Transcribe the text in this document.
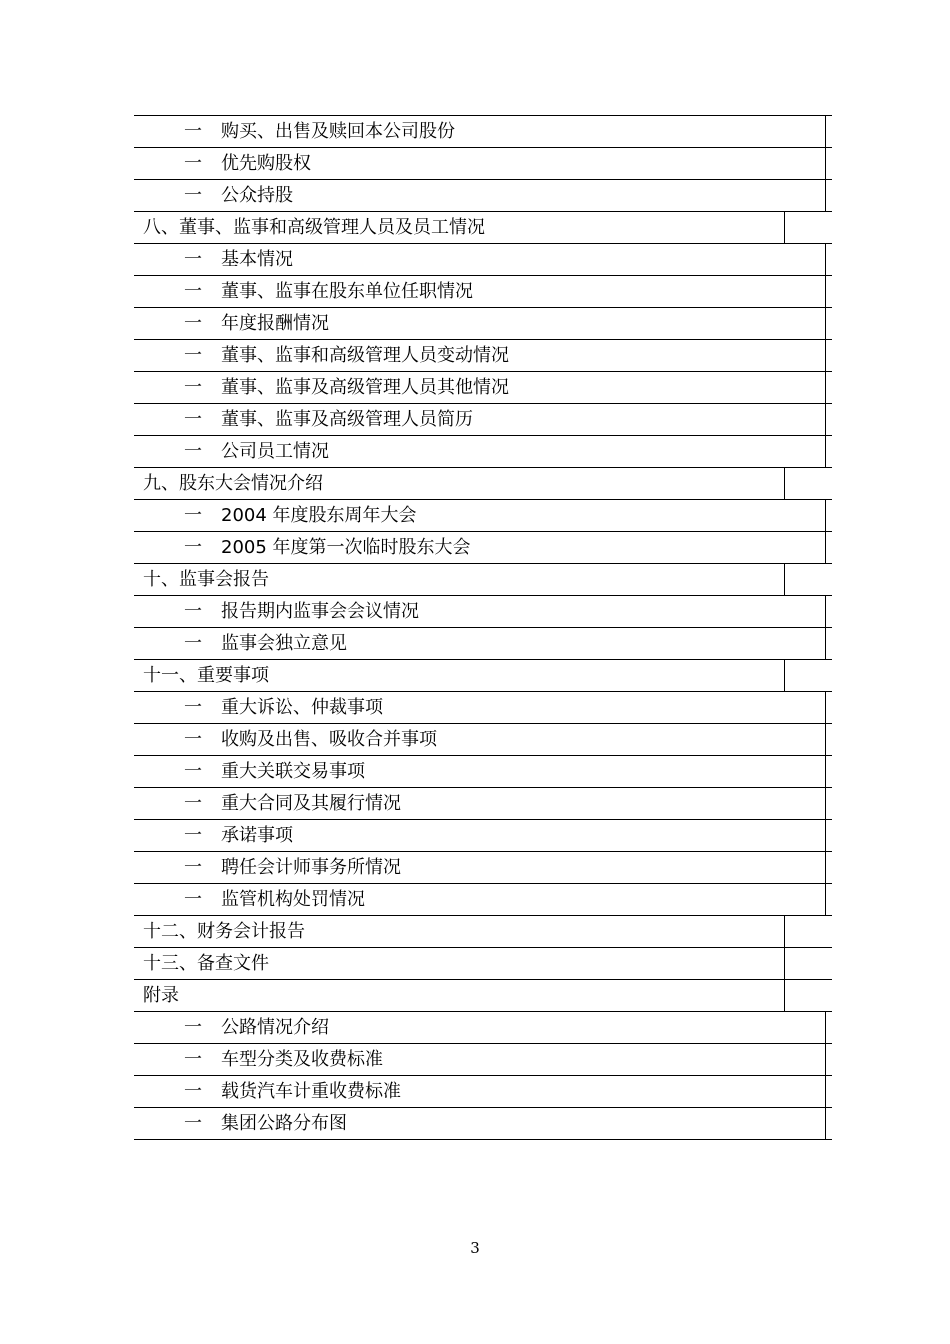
一	购买、出售及赎回本公司股份
一	优先购股权
一	公众持股
八、董事、监事和高级管理人员及员工情况
一	基本情况
一	董事、监事在股东单位任职情况
一	年度报酬情况
一	董事、监事和高级管理人员变动情况
一	董事、监事及高级管理人员其他情况
一	董事、监事及高级管理人员简历
一	公司员工情况
九、股东大会情况介绍
一	2004 年度股东周年大会
一	2005 年度第一次临时股东大会
十、监事会报告
一	报告期内监事会会议情况
一	监事会独立意见
十一、重要事项
一	重大诉讼、仲裁事项
一	收购及出售、吸收合并事项
一	重大关联交易事项
一	重大合同及其履行情况
一	承诺事项
一	聘任会计师事务所情况
一	监管机构处罚情况
十二、财务会计报告
十三、备查文件
附录
一	公路情况介绍
一	车型分类及收费标准
一	载货汽车计重收费标准
一	集团公路分布图
3
